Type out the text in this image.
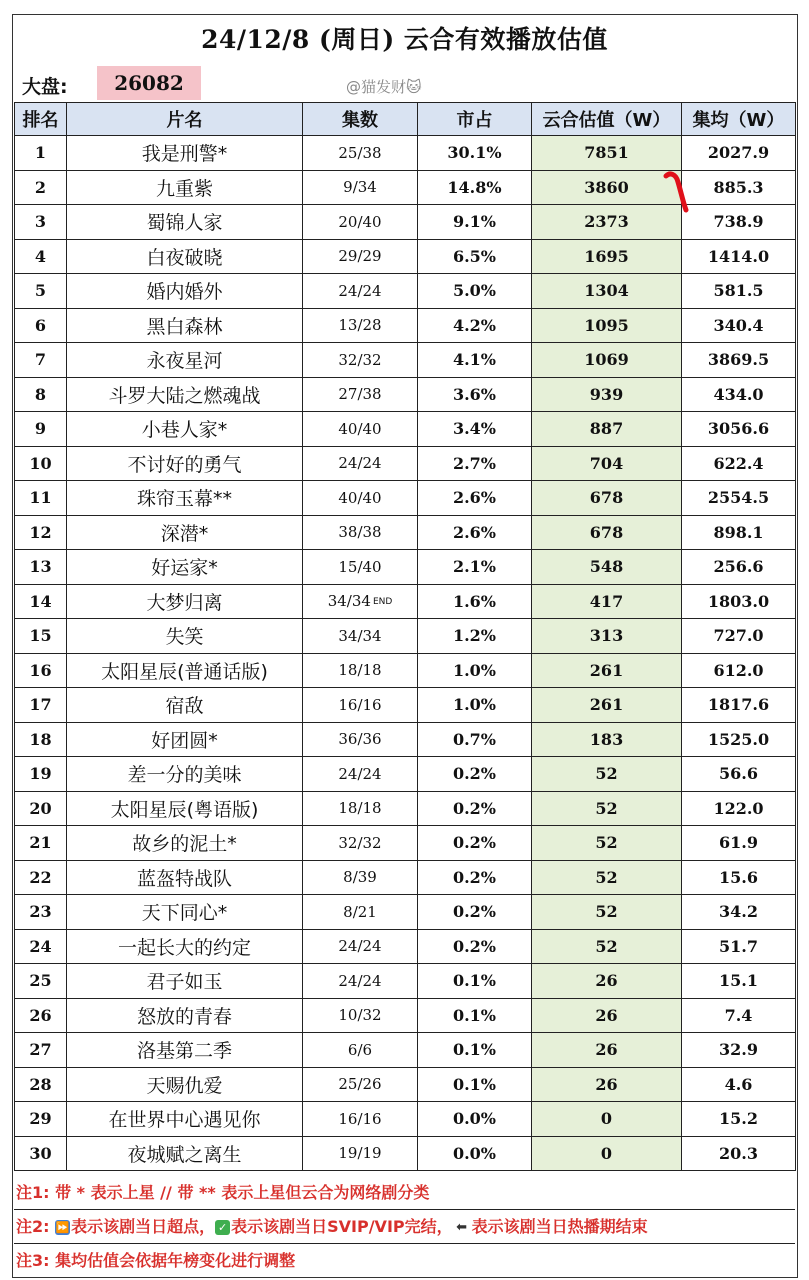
24/12/8 (周日) 云合有效播放估值
大盘:	26082	@猫发财🐱
排名	片名	集数	市占	云合估值（W）	集均（W）
1	我是刑警*	25/38	30.1%	7851	2027.9
2	九重紫	9/34	14.8%	3860	885.3
3	蜀锦人家	20/40	9.1%	2373	738.9
4	白夜破晓	29/29	6.5%	1695	1414.0
5	婚内婚外	24/24	5.0%	1304	581.5
6	黑白森林	13/28	4.2%	1095	340.4
7	永夜星河	32/32	4.1%	1069	3869.5
8	斗罗大陆之燃魂战	27/38	3.6%	939	434.0
9	小巷人家*	40/40	3.4%	887	3056.6
10	不讨好的勇气	24/24	2.7%	704	622.4
11	珠帘玉幕**	40/40	2.6%	678	2554.5
12	深潜*	38/38	2.6%	678	898.1
13	好运家*	15/40	2.1%	548	256.6
14	大梦归离	34/34 END	1.6%	417	1803.0
15	失笑	34/34	1.2%	313	727.0
16	太阳星辰(普通话版)	18/18	1.0%	261	612.0
17	宿敌	16/16	1.0%	261	1817.6
18	好团圆*	36/36	0.7%	183	1525.0
19	差一分的美味	24/24	0.2%	52	56.6
20	太阳星辰(粤语版)	18/18	0.2%	52	122.0
21	故乡的泥土*	32/32	0.2%	52	61.9
22	蓝盔特战队	8/39	0.2%	52	15.6
23	天下同心*	8/21	0.2%	52	34.2
24	一起长大的约定	24/24	0.2%	52	51.7
25	君子如玉	24/24	0.1%	26	15.1
26	怒放的青春	10/32	0.1%	26	7.4
27	洛基第二季	6/6	0.1%	26	32.9
28	天赐仇爱	25/26	0.1%	26	4.6
29	在世界中心遇见你	16/16	0.0%	0	15.2
30	夜城赋之离生	19/19	0.0%	0	20.3
注1: 带 * 表示上星 // 带 ** 表示上星但云合为网络剧分类
注2: ⏩ 表示该剧当日超点， ✓ 表示该剧当日SVIP/VIP完结， ⬅ 表示该剧当日热播期结束
注3: 集均估值会依据年榜变化进行调整
